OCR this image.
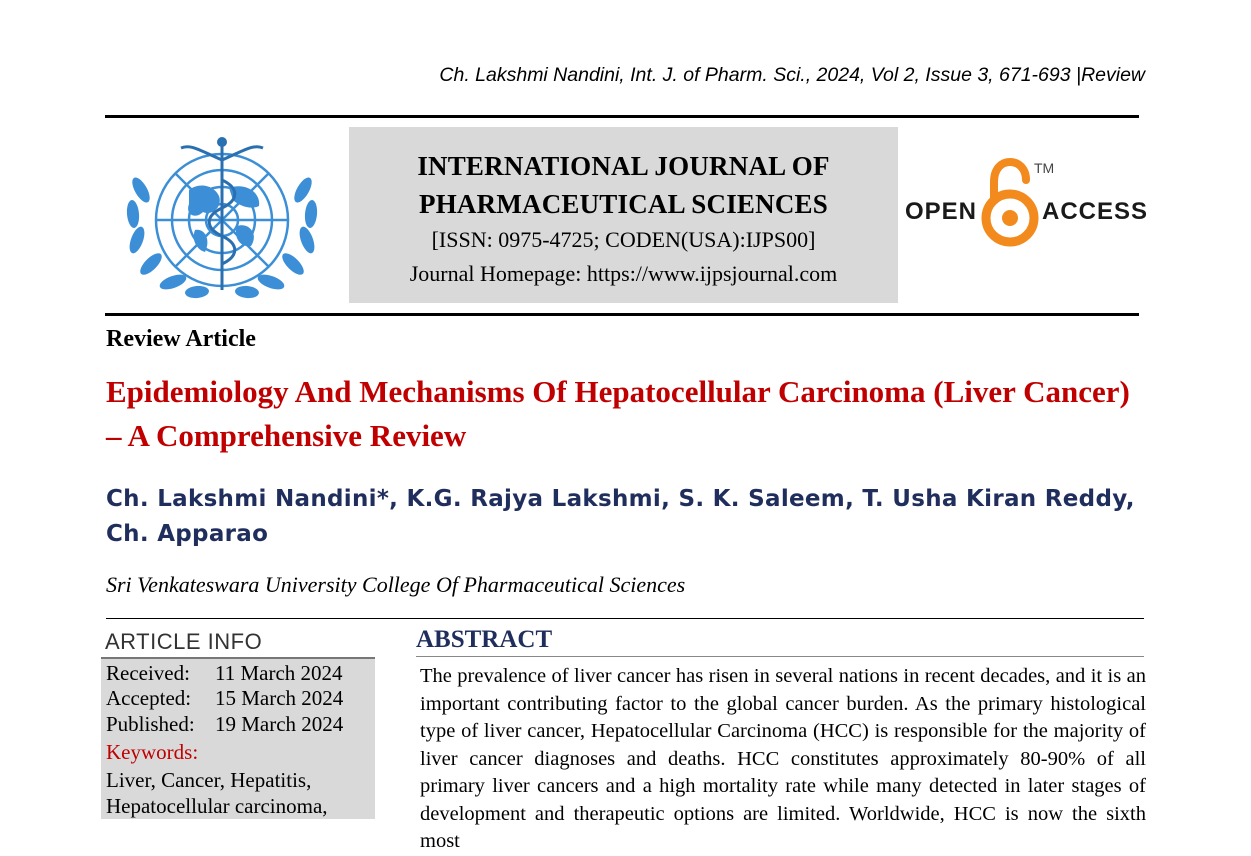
Ch. Lakshmi Nandini, Int. J. of Pharm. Sci., 2024, Vol 2, Issue 3, 671-693 |Review
INTERNATIONAL JOURNAL OF
PHARMACEUTICAL SCIENCES
[ISSN: 0975-4725; CODEN(USA):IJPS00]
Journal Homepage: https://www.ijpsjournal.com
OPEN
TM
ACCESS
Review Article
Epidemiology And Mechanisms Of Hepatocellular Carcinoma (Liver Cancer) – A Comprehensive Review
Ch. Lakshmi Nandini*, K.G. Rajya Lakshmi, S. K. Saleem, T. Usha Kiran Reddy, Ch. Apparao
Sri Venkateswara University College Of Pharmaceutical Sciences
ARTICLE INFO
Received: 11 March 2024
Accepted: 15 March 2024
Published: 19 March 2024
Keywords:
Liver, Cancer, Hepatitis, Hepatocellular carcinoma,
ABSTRACT
The prevalence of liver cancer has risen in several nations in recent decades, and it is an important contributing factor to the global cancer burden. As the primary histological type of liver cancer, Hepatocellular Carcinoma (HCC) is responsible for the majority of liver cancer diagnoses and deaths. HCC constitutes approximately 80-90% of all primary liver cancers and a high mortality rate while many detected in later stages of development and therapeutic options are limited. Worldwide, HCC is now the sixth most
